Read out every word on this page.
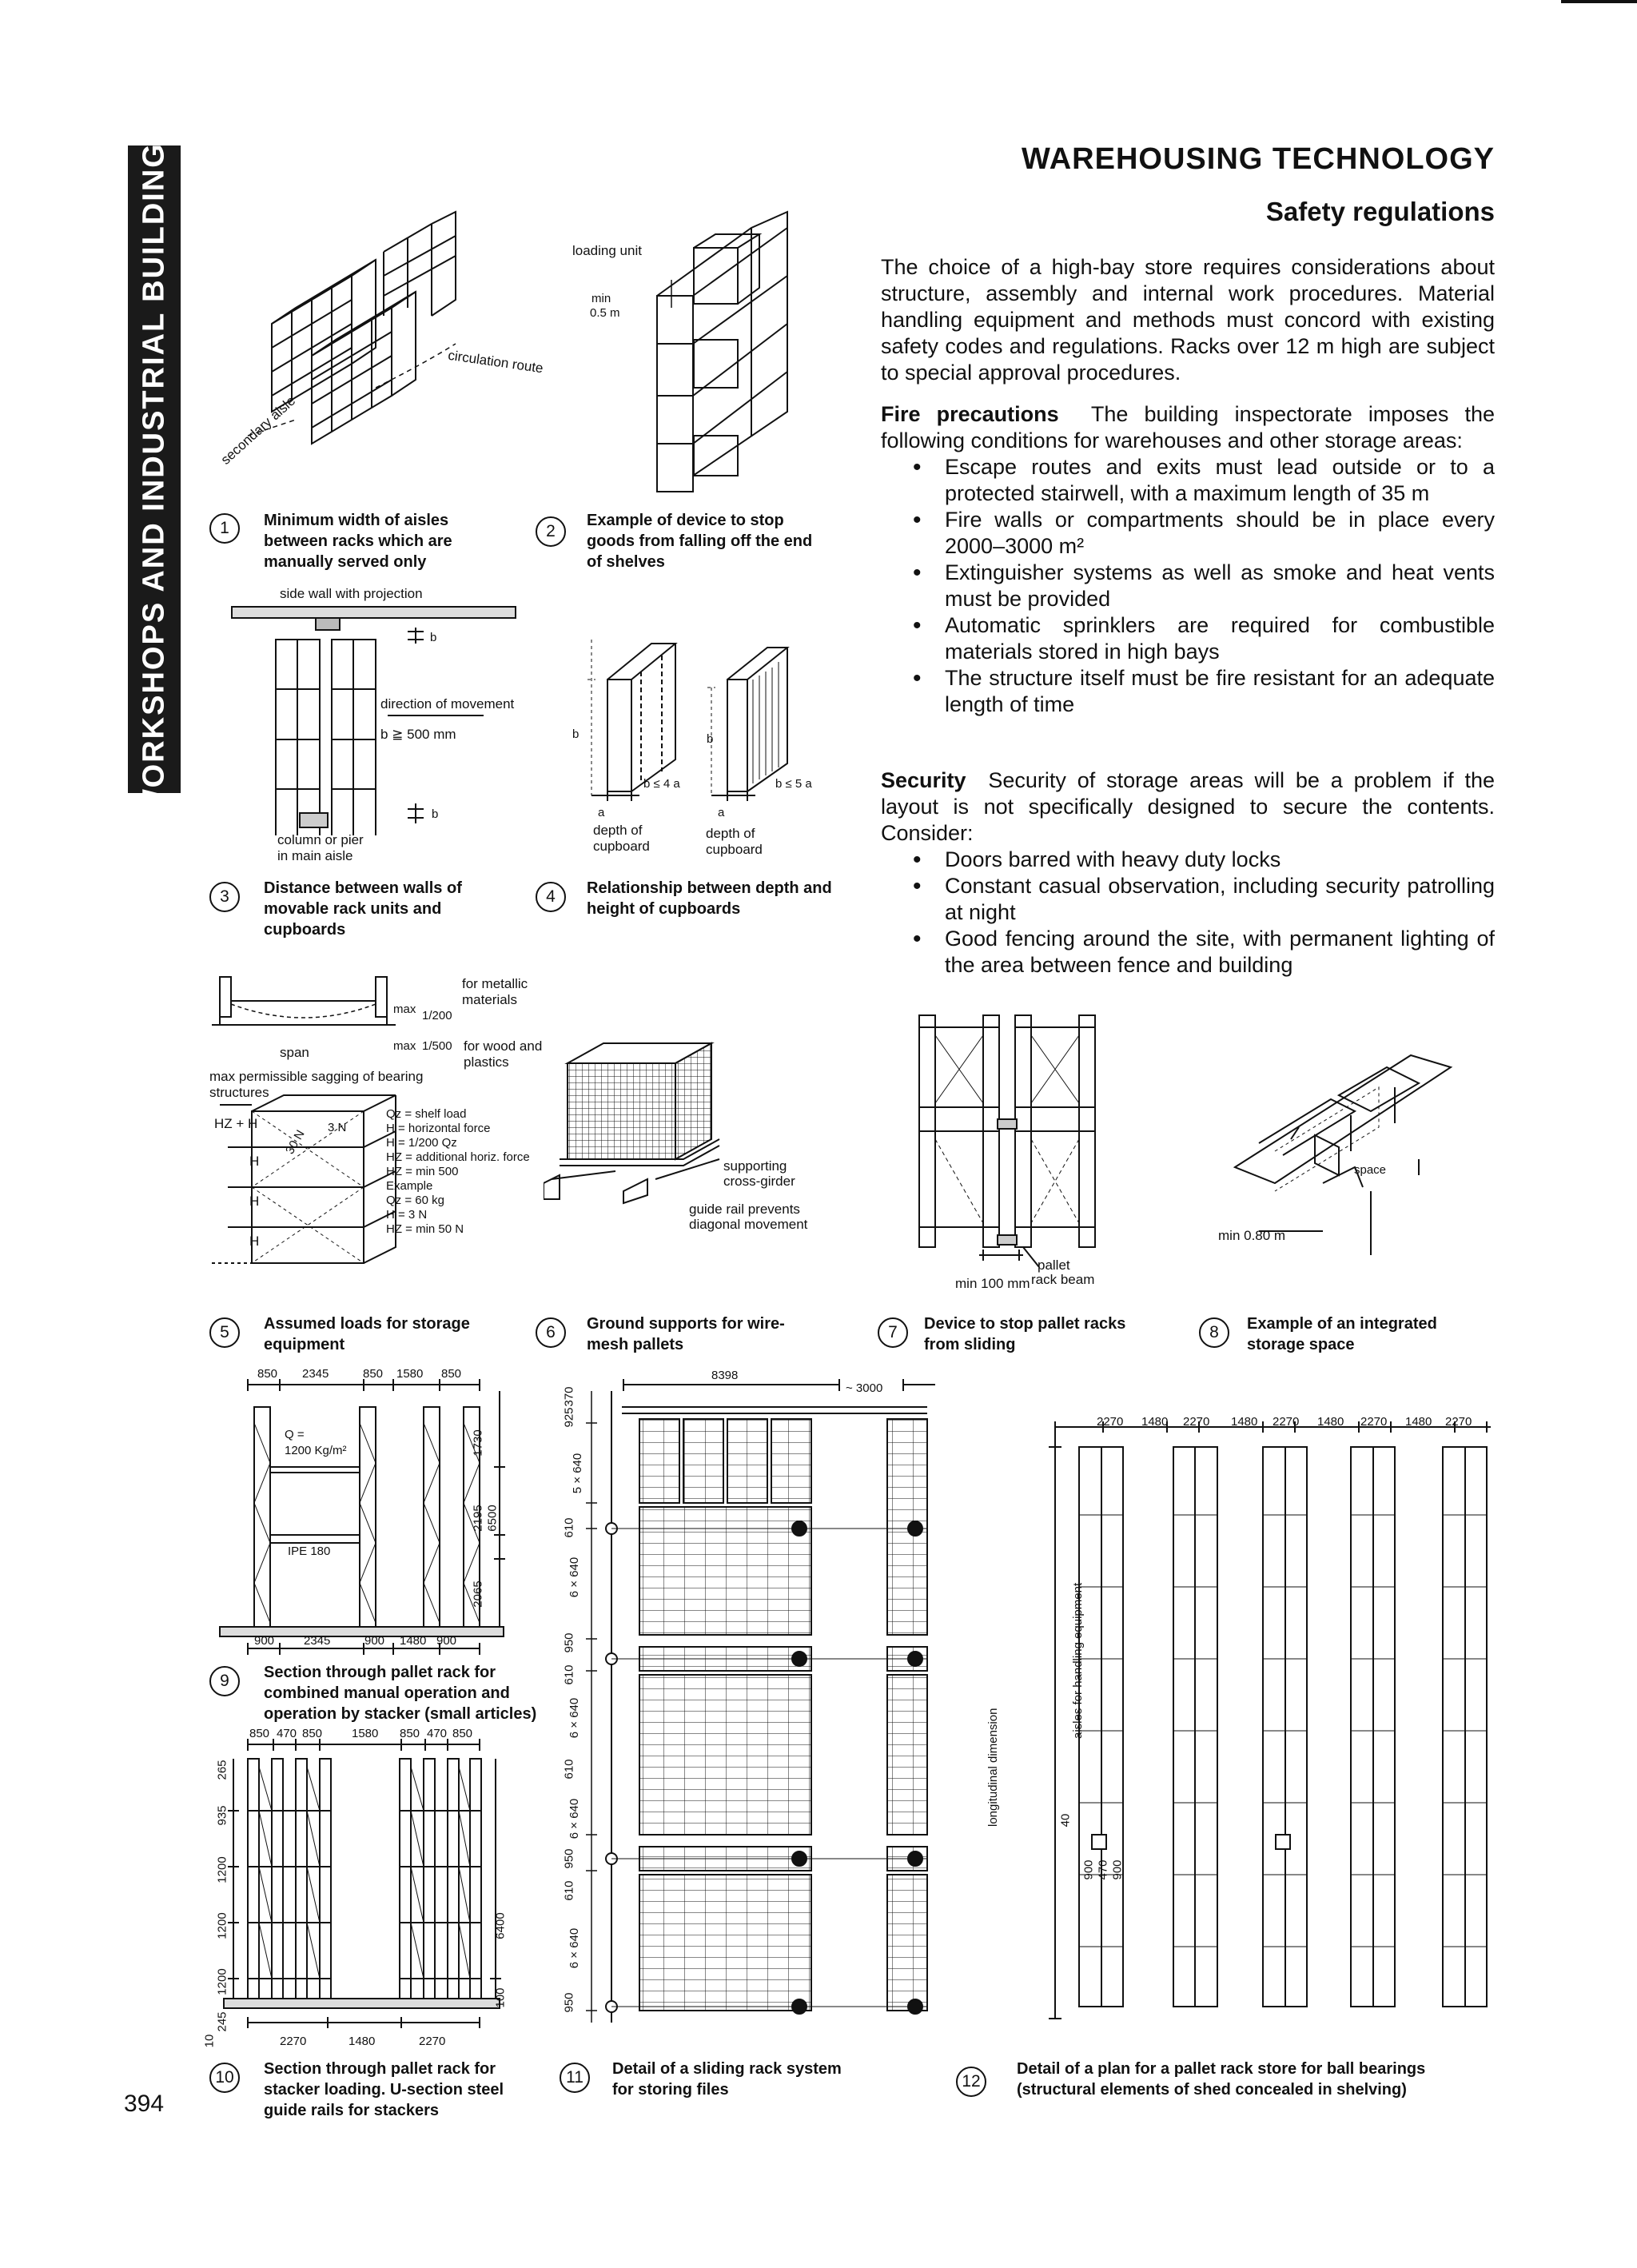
WORKSHOPS AND INDUSTRIAL BUILDINGS	WAREHOUSING TECHNOLOGY
Safety regulations
The choice of a high-bay store requires considerations about structure, assembly and internal work procedures. Material handling equipment and methods must concord with existing safety codes and regulations. Racks over 12 m high are subject to special approval procedures.
Fire precautions The building inspectorate imposes the following conditions for warehouses and other storage areas:
• Escape routes and exits must lead outside or to a protected stairwell, with a maximum length of 35 m
• Fire walls or compartments should be in place every 2000–3000 m²
• Extinguisher systems as well as smoke and heat vents must be provided
• Automatic sprinklers are required for combustible materials stored in high bays
• The structure itself must be fire resistant for an adequate length of time
Security Security of storage areas will be a problem if the layout is not specifically designed to secure the contents. Consider:
• Doors barred with heavy duty locks
• Constant casual observation, including security patrolling at night
• Good fencing around the site, with permanent lighting of the area between fence and building
circulation route
secondary aisle
1	Minimum width of aisles between racks which are manually served only
loading unit
min
0.5 m
2
Example of device to stop goods from falling off the end of shelves
side wall with projection
b
direction of movement
b ≧ 500 mm
b
column or pier
in main aisle
3	Distance between walls of movable rack units and cupboards
b	b
b ≤ 4 a	b ≤ 5 a
a	a
depth of
cupboard
depth of
cupboard
4	Relationship between depth and height of cupboards
for metallic
materials
max 1/200
max 1/500 for wood and
plastics
span
max permissible sagging of bearing
structures
HZ + H
H
H
H
30 N
3 N
Qz = shelf load
H = horizontal force
H = 1/200 Qz
HZ = additional horiz. force
HZ = min 500
Example
Qz = 60 kg
H = 3 N
HZ = min 50 N
5	Assumed loads for storage equipment
supporting
cross-girder
guide rail prevents
diagonal movement
6	Ground supports for wire-mesh pallets
pallet
rack beam
min 100 mm
7	Device to stop pallet racks from sliding
space
min 0.80 m
8	Example of an integrated storage space
850 2345	850 1580 850
Q =
1200 Kg/m²
IPE 180
1730
2195 6500
2065
900 2345	900 1480 900
9	Section through pallet rack for combined manual operation and operation by stacker (small articles)
850 470 850 1580 850 470 850
265
935
1200
1200
1200
245
10
6400
100
2270	1480	2270
10	Section through pallet rack for stacker loading. U-section steel guide rails for stackers
8398
~ 3000
925
370
5 × 640
610
6 × 640
950
610
6 × 640
610
6 × 640
950
610
6 × 640
950
11	Detail of a sliding rack system for storing files
2270 1480 2270 1480 2270 1480 2270 1480 2270
aisles for handling equipment
longitudinal dimension	40
900 470 900
12
Detail of a plan for a pallet rack store for ball bearings (structural elements of shed concealed in shelving)
394
